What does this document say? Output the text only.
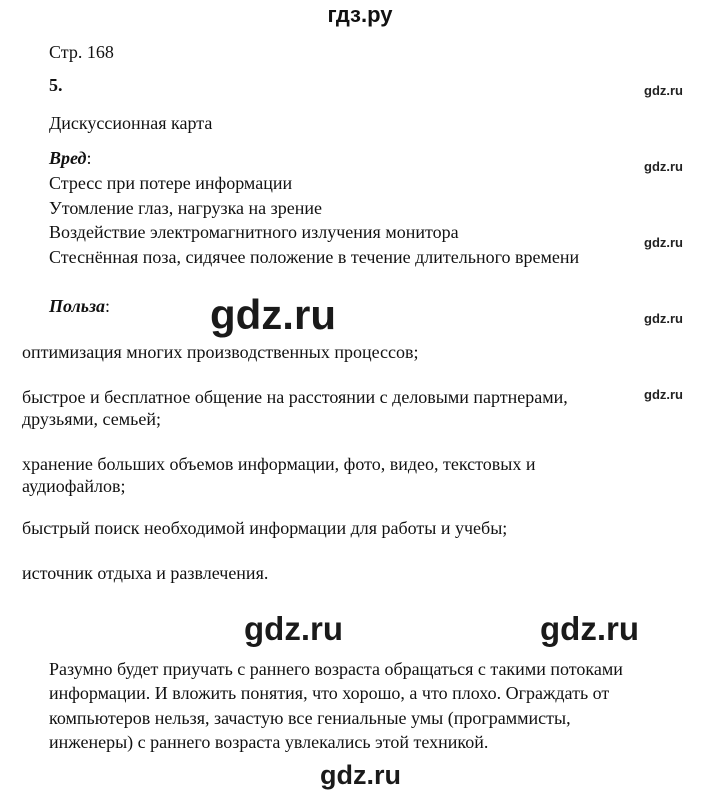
гдз.ру
Стр. 168
5.
Дискуссионная карта
Вред:
Стресс при потере информации
Утомление глаз, нагрузка на зрение
Воздействие электромагнитного излучения монитора
Стеснённая поза, сидячее положение в течение длительного времени
Польза:
оптимизация многих производственных процессов;
быстрое и бесплатное общение на расстоянии с деловыми партнерами,
друзьями, семьей;
хранение больших объемов информации, фото, видео, текстовых и
аудиофайлов;
быстрый поиск необходимой информации для работы и учебы;
источник отдыха и развлечения.
Разумно будет приучать с раннего возраста обращаться с такими потоками
информации. И вложить понятия, что хорошо, а что плохо. Ограждать от
компьютеров нельзя, зачастую все гениальные умы (программисты,
инженеры) с раннего возраста увлекались этой техникой.
gdz.ru
gdz.ru
gdz.ru
gdz.ru
gdz.ru
gdz.ru
gdz.ru	gdz.ru
gdz.ru
